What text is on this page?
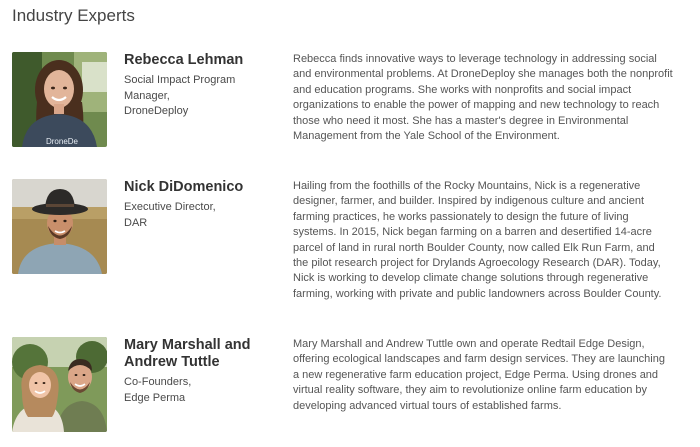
Industry Experts
DroneDe
Rebecca Lehman
Social Impact Program
Manager,
DroneDeploy

Rebecca finds innovative ways to leverage technology in addressing social and environmental problems. At DroneDeploy she manages both the nonprofit and education programs. She works with nonprofits and social impact organizations to enable the power of mapping and new technology to reach those who need it most. She has a master's degree in Environmental Management from the Yale School of the Environment.

Nick DiDomenico
Executive Director,
DAR

Hailing from the foothills of the Rocky Mountains, Nick is a regenerative designer, farmer, and builder. Inspired by indigenous culture and ancient farming practices, he works passionately to design the future of living systems. In 2015, Nick began farming on a barren and desertified 14-acre parcel of land in rural north Boulder County, now called Elk Run Farm, and the pilot research project for Drylands Agroecology Research (DAR). Today, Nick is working to develop climate change solutions through regenerative farming, working with private and public landowners across Boulder County.

Mary Marshall and
Andrew Tuttle
Co-Founders,
Edge Perma

Mary Marshall and Andrew Tuttle own and operate Redtail Edge Design, offering ecological landscapes and farm design services. They are launching a new regenerative farm education project, Edge Perma. Using drones and virtual reality software, they aim to revolutionize online farm education by developing advanced virtual tours of established farms.
